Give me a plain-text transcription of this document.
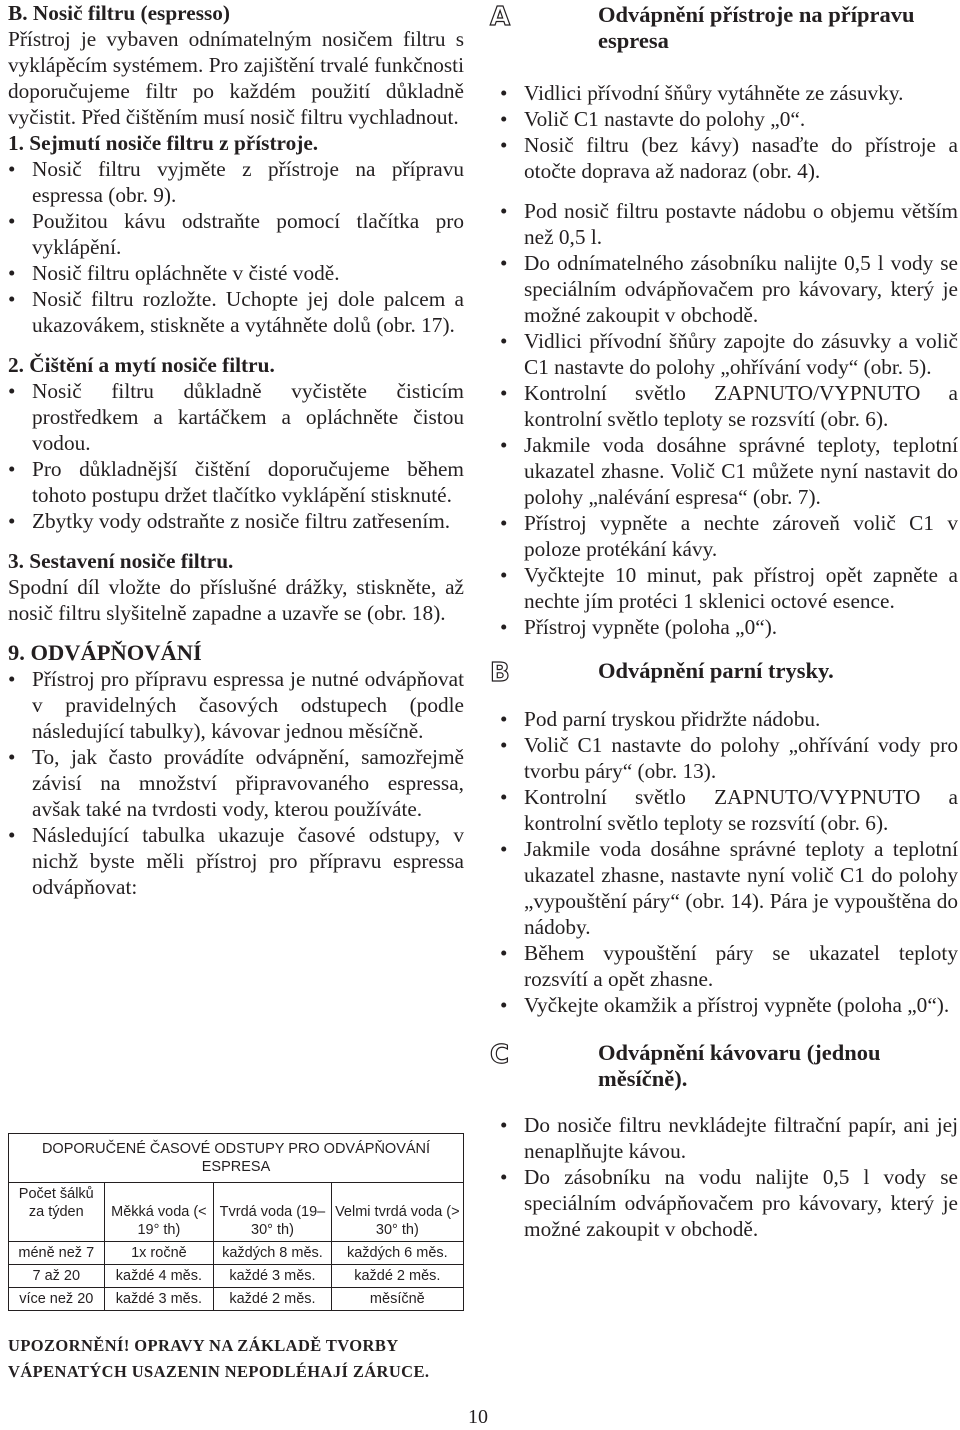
B. Nosič filtru (espresso)

Přístroj je vybaven odnímatelným nosičem filtru s vyklápěcím systémem. Pro zajištění trvalé funkčnosti doporučujeme filtr po každém použití důkladně vyčistit. Před čištěním musí nosič filtru vychladnout.

1. Sejmutí nosiče filtru z přístroje.

• Nosič filtru vyjměte z přístroje na přípravu espressa (obr. 9).
• Použitou kávu odstraňte pomocí tlačítka pro vyklápění.
• Nosič filtru opláchněte v čisté vodě.
• Nosič filtru rozložte. Uchopte jej dole palcem a ukazovákem, stiskněte a vytáhněte dolů (obr. 17).

2. Čištění a mytí nosiče filtru.

• Nosič filtru důkladně vyčistěte čisticím prostředkem a kartáčkem a opláchněte čistou vodou.
• Pro důkladnější čištění doporučujeme během tohoto postupu držet tlačítko vyklápění stisknuté.
• Zbytky vody odstraňte z nosiče filtru zatřesením.

3. Sestavení nosiče filtru.

Spodní díl vložte do příslušné drážky, stiskněte, až nosič filtru slyšitelně zapadne a uzavře se (obr. 18).

9. ODVÁPŇOVÁNÍ

• Přístroj pro přípravu espressa je nutné odvápňovat v pravidelných časových odstupech (podle následující tabulky), kávovar jednou měsíčně.
• To, jak často provádíte odvápnění, samozřejmě závisí na množství připravovaného espressa, avšak také na tvrdosti vody, kterou používáte.
• Následující tabulka ukazuje časové odstupy, v nichž byste měli přístroj pro přípravu espressa odvápňovat:
DOPORUČENÉ ČASOVÉ ODSTUPY PRO ODVÁPŇOVÁNÍ ESPRESA			
Počet šálků za týden	Měkká voda (< 19° th)	Tvrdá voda (19–30° th)	Velmi tvrdá voda (> 30° th)
méně než 7	1x ročně	každých 8 měs.	každých 6 měs.
7 až 20	každé 4 měs.	každé 3 měs.	každé 2 měs.
více než 20	každé 3 měs.	každé 2 měs.	měsíčně
UPOZORNĚNÍ! OPRAVY NA ZÁKLADĚ TVORBY VÁPENATÝCH USAZENIN NEPODLÉHAJÍ ZÁRUCE.
A	Odvápnění přístroje na přípravu espresa
• Vidlici přívodní šňůry vytáhněte ze zásuvky.
• Volič C1 nastavte do polohy „0“.
• Nosič filtru (bez kávy) nasaďte do přístroje a otočte doprava až nadoraz (obr. 4).
• Pod nosič filtru postavte nádobu o objemu větším než 0,5 l.
• Do odnímatelného zásobníku nalijte 0,5 l vody se speciálním odvápňovačem pro kávovary, který je možné zakoupit v obchodě.
• Vidlici přívodní šňůry zapojte do zásuvky a volič C1 nastavte do polohy „ohřívání vody“ (obr. 5).
• Kontrolní světlo ZAPNUTO/VYPNUTO a kontrolní světlo teploty se rozsvítí (obr. 6).
• Jakmile voda dosáhne správné teploty, teplotní ukazatel zhasne. Volič C1 můžete nyní nastavit do polohy „nalévání espresa“ (obr. 7).
• Přístroj vypněte a nechte zároveň volič C1 v poloze protékání kávy.
• Vyčktejte 10 minut, pak přístroj opět zapněte a nechte jím protéci 1 sklenici octové esence.
• Přístroj vypněte (poloha „0“).
B	Odvápnění parní trysky.
• Pod parní tryskou přidržte nádobu.
• Volič C1 nastavte do polohy „ohřívání vody pro tvorbu páry“ (obr. 13).
• Kontrolní světlo ZAPNUTO/VYPNUTO a kontrolní světlo teploty se rozsvítí (obr. 6).
• Jakmile voda dosáhne správné teploty a teplotní ukazatel zhasne, nastavte nyní volič C1 do polohy „vypouštění páry“ (obr. 14). Pára je vypouštěna do nádoby.
• Během vypouštění páry se ukazatel teploty rozsvítí a opět zhasne.
• Vyčkejte okamžik a přístroj vypněte (poloha „0“).
C	Odvápnění kávovaru (jednou měsíčně).
• Do nosiče filtru nevkládejte filtrační papír, ani jej nenaplňujte kávou.
• Do zásobníku na vodu nalijte 0,5 l vody se speciálním odvápňovačem pro kávovary, který je možné zakoupit v obchodě.
10
